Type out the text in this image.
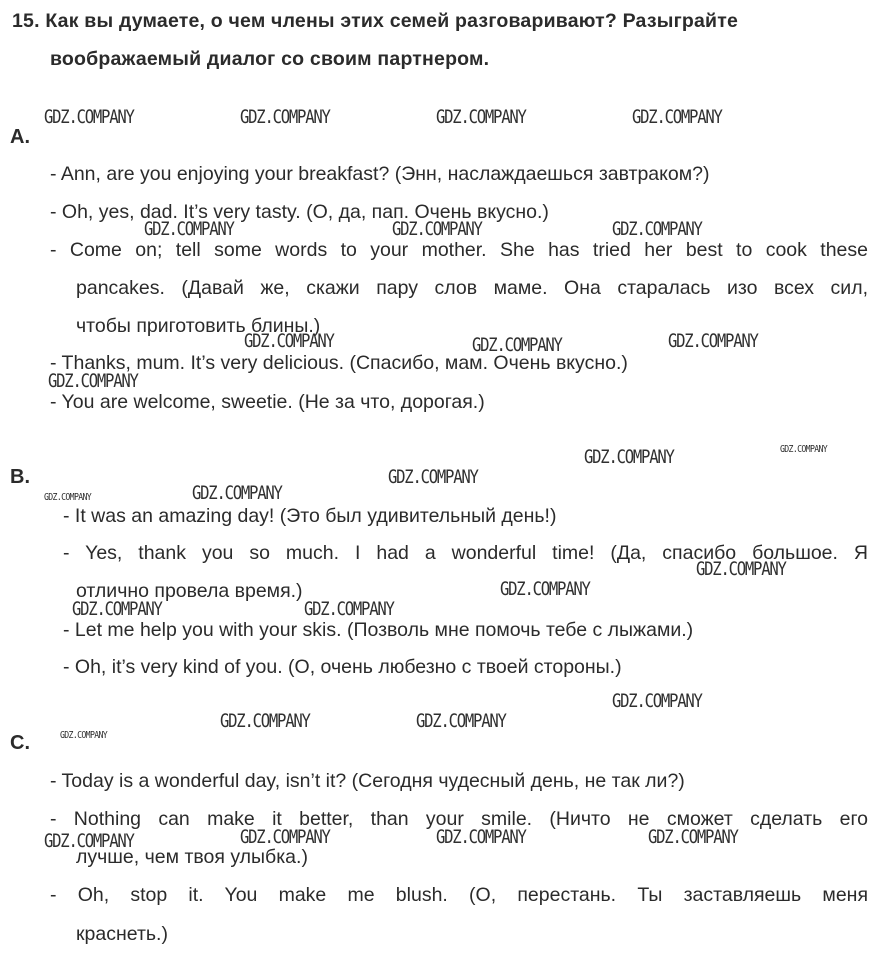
15. Как вы думаете, о чем члены этих семей разговаривают? Разыграйте
воображаемый диалог со своим партнером.
A.
- Ann, are you enjoying your breakfast? (Энн, наслаждаешься завтраком?)
- Oh, yes, dad. It’s very tasty. (О, да, пап. Очень вкусно.)
- Come on; tell some words to your mother. She has tried her best to cook these
pancakes. (Давай же, скажи пару слов маме. Она старалась изо всех сил,
чтобы приготовить блины.)
- Thanks, mum. It’s very delicious. (Спасибо, мам. Очень вкусно.)
- You are welcome, sweetie. (Не за что, дорогая.)
B.
- It was an amazing day! (Это был удивительный день!)
- Yes, thank you so much. I had a wonderful time! (Да, спасибо большое. Я
отлично провела время.)
- Let me help you with your skis. (Позволь мне помочь тебе с лыжами.)
- Oh, it’s very kind of you. (О, очень любезно с твоей стороны.)
C.
- Today is a wonderful day, isn’t it? (Сегодня чудесный день, не так ли?)
- Nothing can make it better, than your smile. (Ничто не сможет сделать его
лучше, чем твоя улыбка.)
- Oh, stop it. You make me blush. (О, перестань. Ты заставляешь меня
краснеть.)
GDZ.COMPANY	GDZ.COMPANY	GDZ.COMPANY	GDZ.COMPANY
GDZ.COMPANY	GDZ.COMPANY	GDZ.COMPANY
GDZ.COMPANY	GDZ.COMPANY	GDZ.COMPANY
GDZ.COMPANY
GDZ.COMPANY
GDZ.COMPANY
GDZ.COMPANY
GDZ.COMPANY
GDZ.COMPANY
GDZ.COMPANY
GDZ.COMPANY
GDZ.COMPANY	GDZ.COMPANY
GDZ.COMPANY
GDZ.COMPANY	GDZ.COMPANY
GDZ.COMPANY
GDZ.COMPANY	GDZ.COMPANY	GDZ.COMPANY	GDZ.COMPANY
